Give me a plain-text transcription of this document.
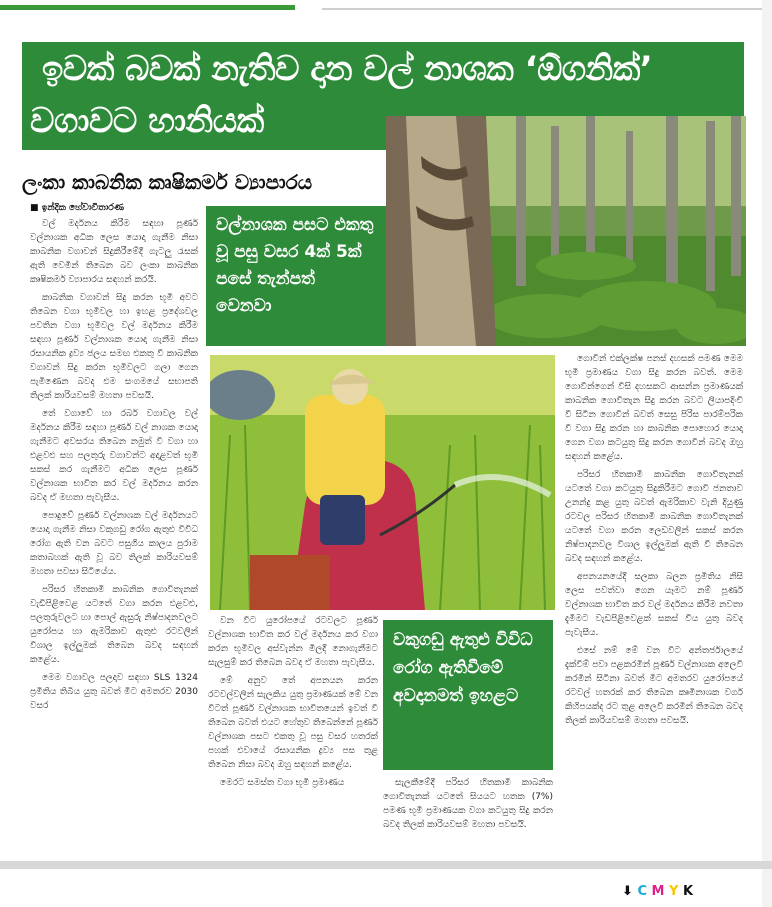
ඉවක් බවක් නැතිව දාන වල් නාශක ‘ඕගනික්’
වගාවට හානියක්
ලංකා කාබනික කෘෂිකර්ම ව්‍යාපාරය
වල්නාශක පසට එකතු වූ පසු වසර 4ක් 5ක් පසේ තැන්පත් වෙනවා
■ ඉන්දික හේවාවිතාරණ
වකුගඩු ඇතුළු විවිධ රෝග ඇතිවීමේ අවදානමත් ඉහළට

වල් මර්දනය කිරීම සඳහා පූර්ණ වල්නාශක අධික ලෙස යොදා ගැනීම නිසා කාබනික වගාවන් සිදුකිරීමේදී ගැටලු රැසක් ඇති වෙමින් තිබෙන බව ලංකා කාබනික කෘෂිකර්ම ව්‍යාපාරය සඳහන් කරයි.

කාබනික වගාවන් සිදු කරන භූමි අවට තිබෙන වගා භූමිවල හා ඉහළ ප්‍රදේශවල පවතින වගා භූමිවල වල් මර්දනය කිරීම සඳහා පූර්ණ වල්නාශක යොදා ගැනීම නිසා රසායනික ද්‍රව්‍ය ජලය සමඟ එකතු වී කාබනික වගාවන් සිදු කරන භූමිවලට ගලා ගෙන පැමිණෙන බවද එම සංගමයේ සභාපති තිලක් කාරියවසම් මහතා පවසයි.

තේ වගාවේ හා රබර් වගාවල වල් මර්දනය කිරීම සඳහා පූර්ණ වල් නාශක යොදා ගැනීමට අවසරය තිබෙන නමුත් වී වගා හා එළවළු සහ පලතුරු වගාවන්ට අදාළවත් භූමි සකස් කර ගැනීමට අධික ලෙස පූර්ණ වල්නාශක භාවිත කර වල් මර්දනය කරන බවද ඒ මහතා පැවැසීය.

පොදුවේ පූර්ණ වල්නාශක වල් මර්දනයට යොදා ගැනීම නිසා වකුගඩු රෝග ඇතුළු විවිධ රෝග ඇති වන බවට පසුගිය කාලය පුරාම කතාබහක් ඇති වූ බව තිලක් කාරියවසම් මහතා පවසා සිටියේය.

පරිසර හිතකාමී කාබනික ගොවිතැනක් වැඩිපිළිවෙළ යටතේ වගා කරන එළවළු, පලතුරුවලට හා පොල් ඇසුරු නිෂ්පාදනවලට යුරෝපය හා ඇමරිකාව ඇතුළු රටවලින් විශාල ඉල්ලුමක් තිබෙන බවද සඳහන් කළේය.

මෙම වගාවල පලදාව සඳහා SLS 1324 ප්‍රමිතිය තිබිය යුතු බවත් මීට අමතරව 2030 වසර

වන විට යුරෝපයේ රටවලට පූර්ණ වල්නාශක භාවිත කර වල් මර්දනය කර වගා කරන භූමිවල අස්වැන්න මිලදී නොගැනීමට සැලසුම් කර තිබෙන බවද ඒ මහතා පැවැසීය.

මේ අනුව තේ අපනයන කරන රටවල්වලින් සැලකිය යුතු ප්‍රමාණයක් මේ වන විටත් පූර්ණ වල්නාශක භාවිතයෙන් ඉවත් වී තිබෙන බවත් එයට හේතුව තිබෙන්නේ පූර්ණ වල්නාශක පසට එකතු වූ පසු වසර හතරක් පහක් එවායේ රසායනික ද්‍රව්‍ය පස තුළ තිබෙන නිසා බවද ඔහු සඳහන් කළේය.

මෙරට සමස්ත වගා භූමි ප්‍රමාණය	සැලකීමේදී පරිසර හිතකාමී කාබනික ගොවිතැනක් යටතේ සියයට හතක (7%) පමණ භූමි ප්‍රමාණයක වගා කටයුතු සිදු කරන බවද තිලක් කාරියවසම් මහතා පවසයි.

ගොවීන් එක්ලක්ෂ පනස් දහසක් පමණ මෙම භූමි ප්‍රමාණය වගා සිදු කරන බවත්. මෙම ගොවීන්ගෙන් විසි දහසකට ආසන්න ප්‍රමාණයක් කාබනික ගොවිතැන සිදු කරන බවට ලියාපදිංචි වී සිටින ගොවීන් බවත් සෙසු පිරිස පාරම්පරික වී වගා සිදු කරන හා කාබනික පොහොර යොදා ගෙන වගා කටයුතු සිදු කරන ගොවීන් බවද ඔහු සඳහන් කළේය.

පරිසර හිතකාමී කාබනික ගොවිතැනක් යටතේ වගා කටයුතු සිදුකිරීමට ගොවි ජනතාව උනන්දු කළ යුතු බවත් ඇමරිකාව වැනි දියුණු රටවල පරිසර හිතකාමී කාබනික ගොවිතැනක් යටතේ වගා කරන ලෙඩවලින් සකස් කරන නිෂ්පාදනවල විශාල ඉල්ලුමක් ඇති වී තිබෙන බවද සඳහන් කළේය.

අපනයනයේදී සලකා බලන ප්‍රමිතිය නිසි ලෙස පවත්වා ගෙන යෑමට නම් පූර්ණ වල්නාශක භාවිත කර වල් මර්දනය කිරීම නවතා දැමීමට වැඩපිළිවෙළක් සකස් විය යුතු බවද පැවැසීය.

එසේ නම් මේ වන විට අන්තර්ජාලයේ දැක්වීම් පවා පළකරමින් පූර්ණ වල්නාශක අලෙවි කරමින් සිටිනා බවත් මීට අමතරව යුරෝපයේ රටවල් හතරක් කර තිබෙන කෘමිනාශක වර්ග කිහිපයක්ද රට තුළ අලෙවි කරමින් තිබෙන බවද තිලක් කාරියවසම් මහතා පවසයි.

⬇ C M Y K
